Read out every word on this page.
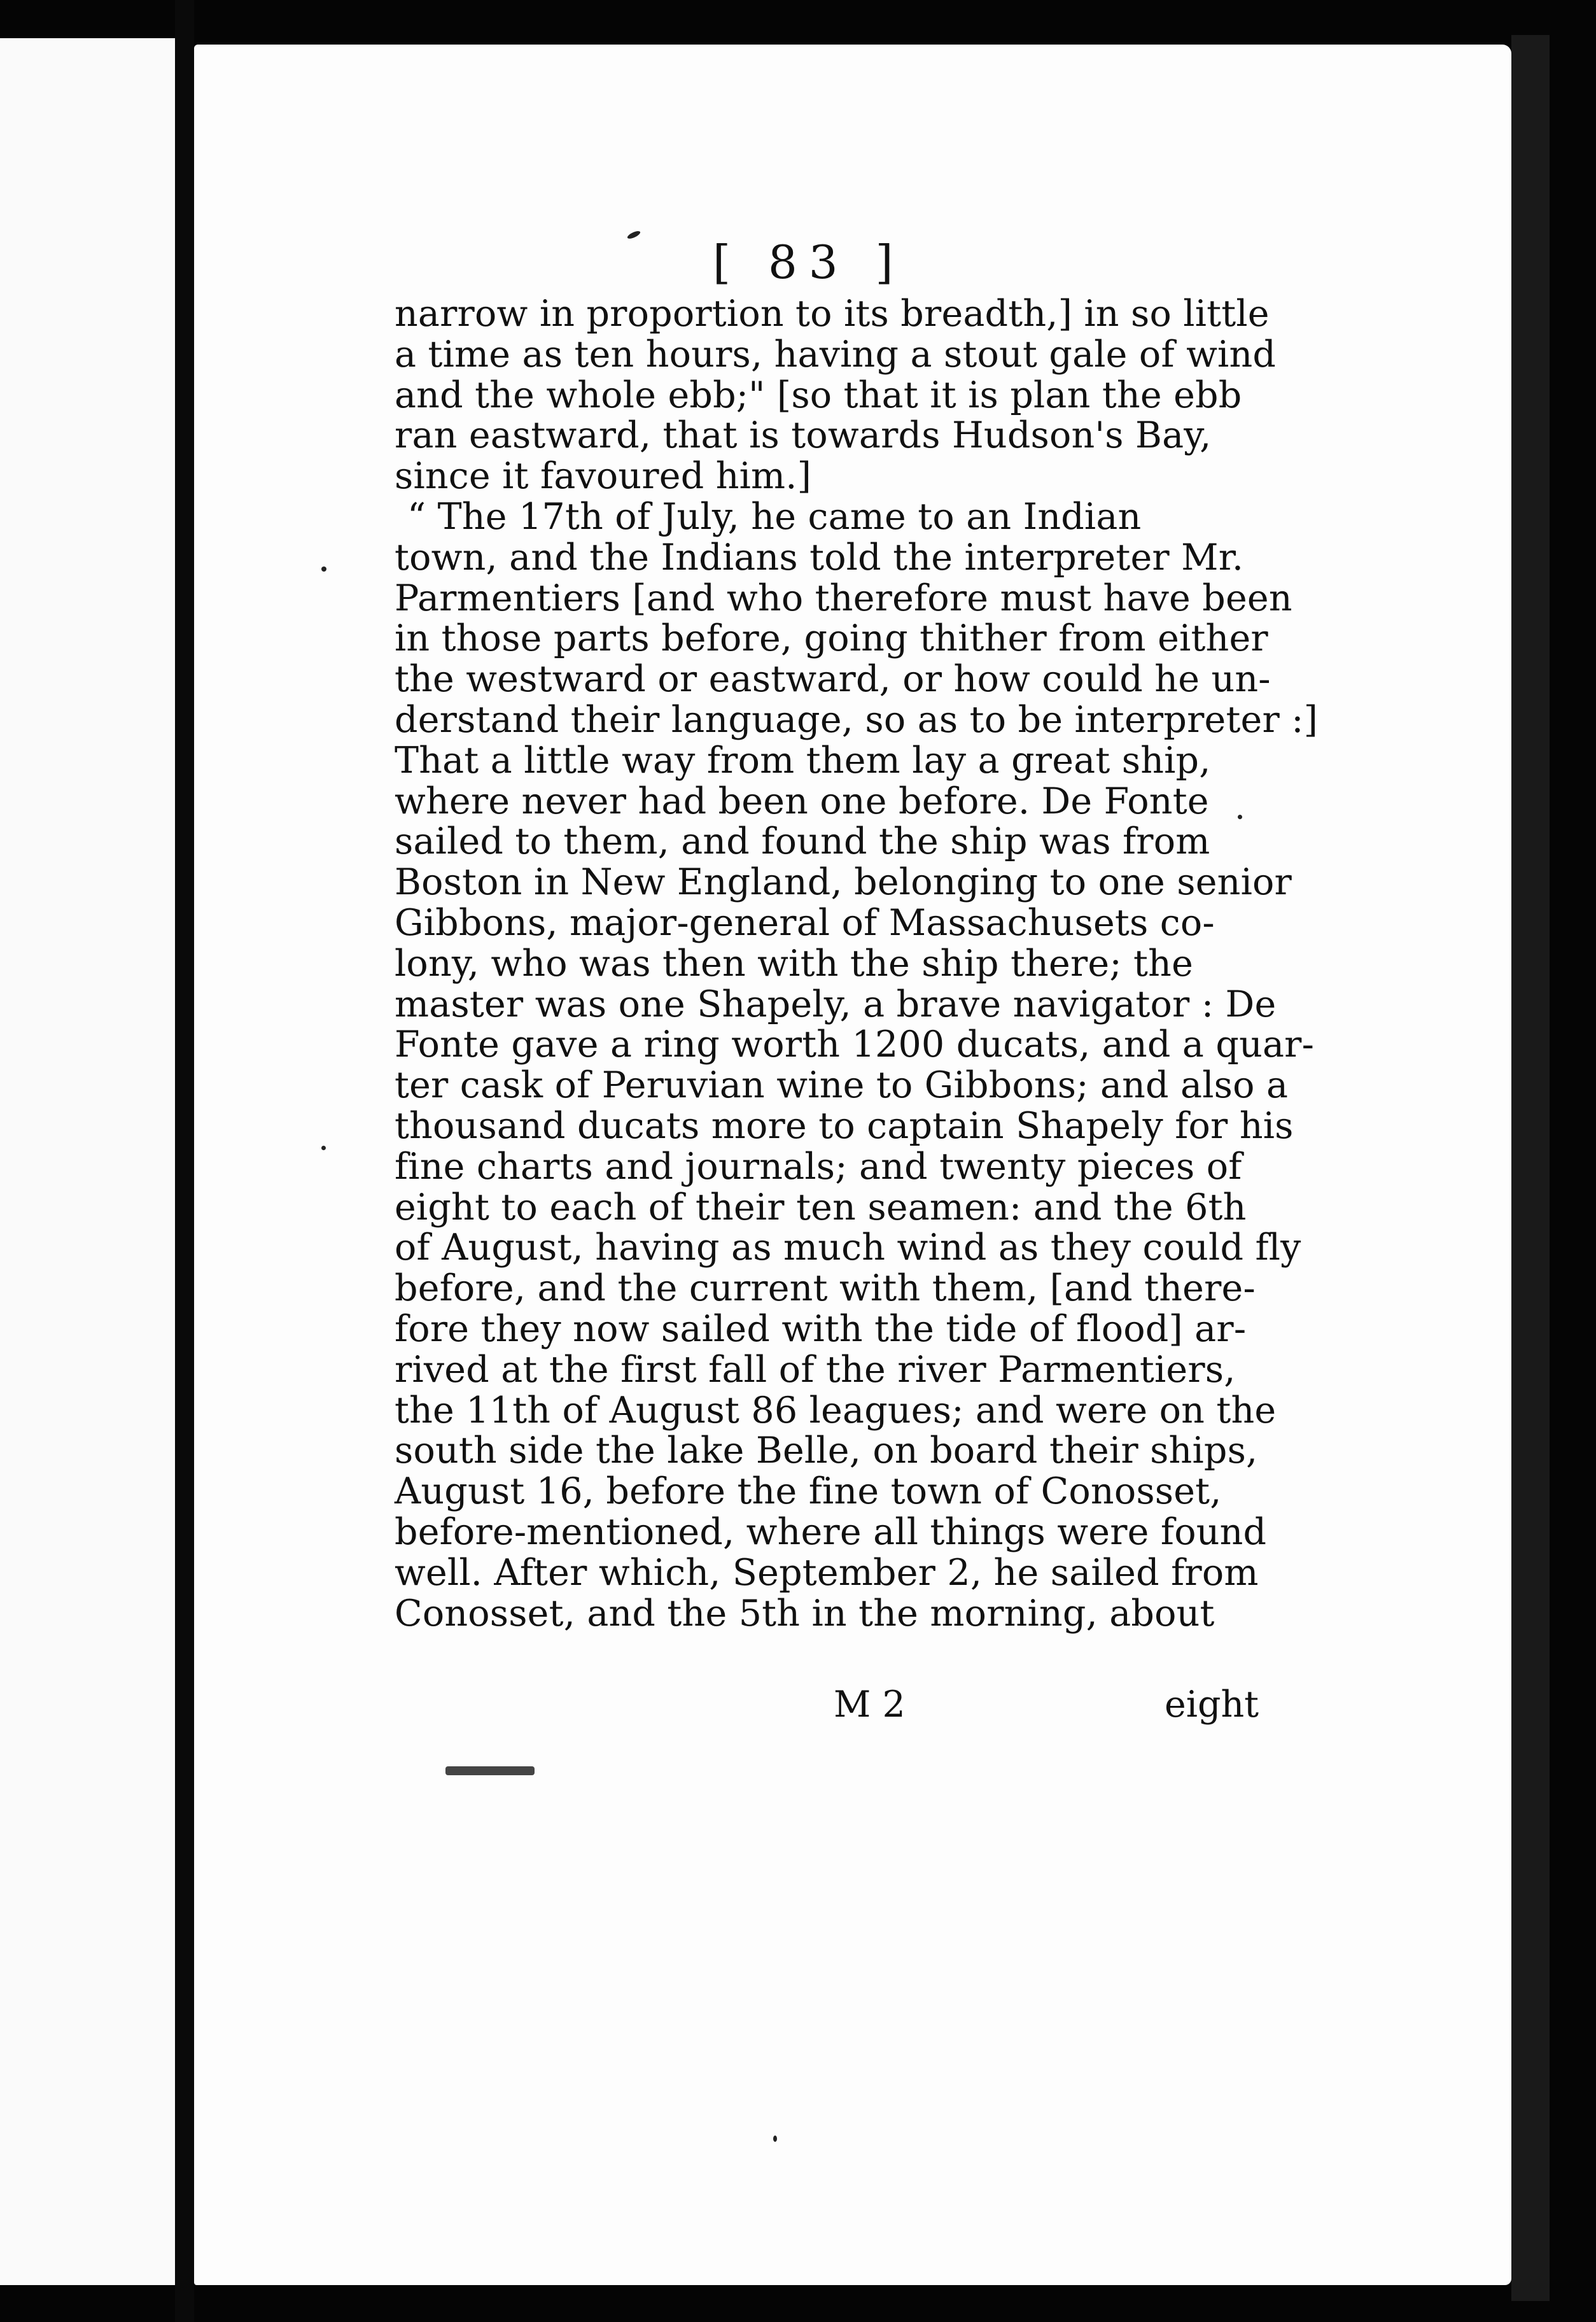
[ 83 ]
narrow in proportion to its breadth,] in so little
a time as ten hours, having a stout gale of wind
and the whole ebb;" [so that it is plan the ebb
ran eastward, that is towards Hudson's Bay,
since it favoured him.]
“ The 17th of July, he came to an Indian
town, and the Indians told the interpreter Mr.
Parmentiers [and who therefore must have been
in those parts before, going thither from either
the westward or eastward, or how could he un-
derstand their language, so as to be interpreter :]
That a little way from them lay a great ship,
where never had been one before. De Fonte
sailed to them, and found the ship was from
Boston in New England, belonging to one senior
Gibbons, major-general of Massachusets co-
lony, who was then with the ship there; the
master was one Shapely, a brave navigator : De
Fonte gave a ring worth 1200 ducats, and a quar-
ter cask of Peruvian wine to Gibbons; and also a
thousand ducats more to captain Shapely for his
fine charts and journals; and twenty pieces of
eight to each of their ten seamen: and the 6th
of August, having as much wind as they could fly
before, and the current with them, [and there-
fore they now sailed with the tide of flood] ar-
rived at the first fall of the river Parmentiers,
the 11th of August 86 leagues; and were on the
south side the lake Belle, on board their ships,
August 16, before the fine town of Conosset,
before-mentioned, where all things were found
well. After which, September 2, he sailed from
Conosset, and the 5th in the morning, about
M 2	eight
